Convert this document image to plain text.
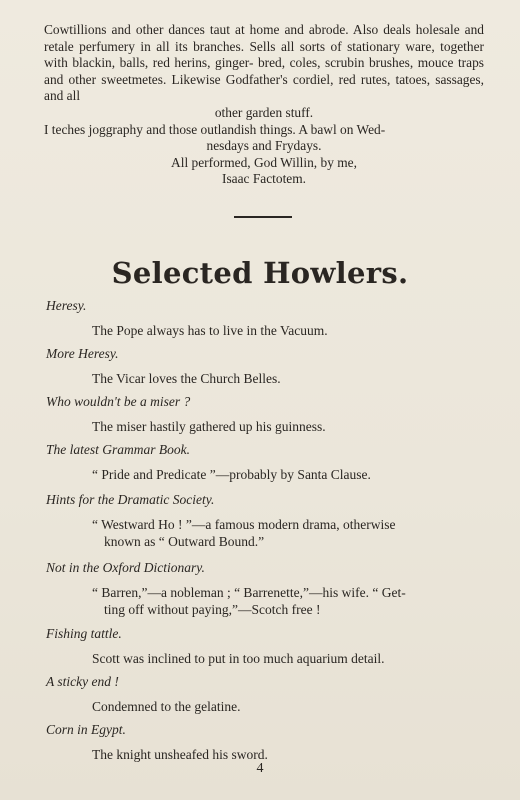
Cowtillions and other dances taut at home and abrode. Also deals holesale and retale perfumery in all its branches. Sells all sorts of stationary ware, together with blackin, balls, red herins, ginger- bred, coles, scrubin brushes, mouce traps and other sweetmetes. Likewise Godfather's cordiel, red rutes, tatoes, sassages, and all

other garden stuff.

I teches joggraphy and those outlandish things. A bawl on Wed-

nesdays and Frydays.

All performed, God Willin, by me,

Isaac Factotem.

Selected Howlers.

Heresy.

The Pope always has to live in the Vacuum.

More Heresy.

The Vicar loves the Church Belles.

Who wouldn't be a miser ?

The miser hastily gathered up his guinness.

The latest Grammar Book.

“ Pride and Predicate ”—probably by Santa Clause.

Hints for the Dramatic Society.

“ Westward Ho ! ”—a famous modern drama, otherwise
known as “ Outward Bound.”

Not in the Oxford Dictionary.

“ Barren,”—a nobleman ; “ Barrenette,”—his wife. “ Get-
ting off without paying,”—Scotch free !

Fishing tattle.

Scott was inclined to put in too much aquarium detail.

A sticky end !

Condemned to the gelatine.

Corn in Egypt.

The knight unsheafed his sword.

4
